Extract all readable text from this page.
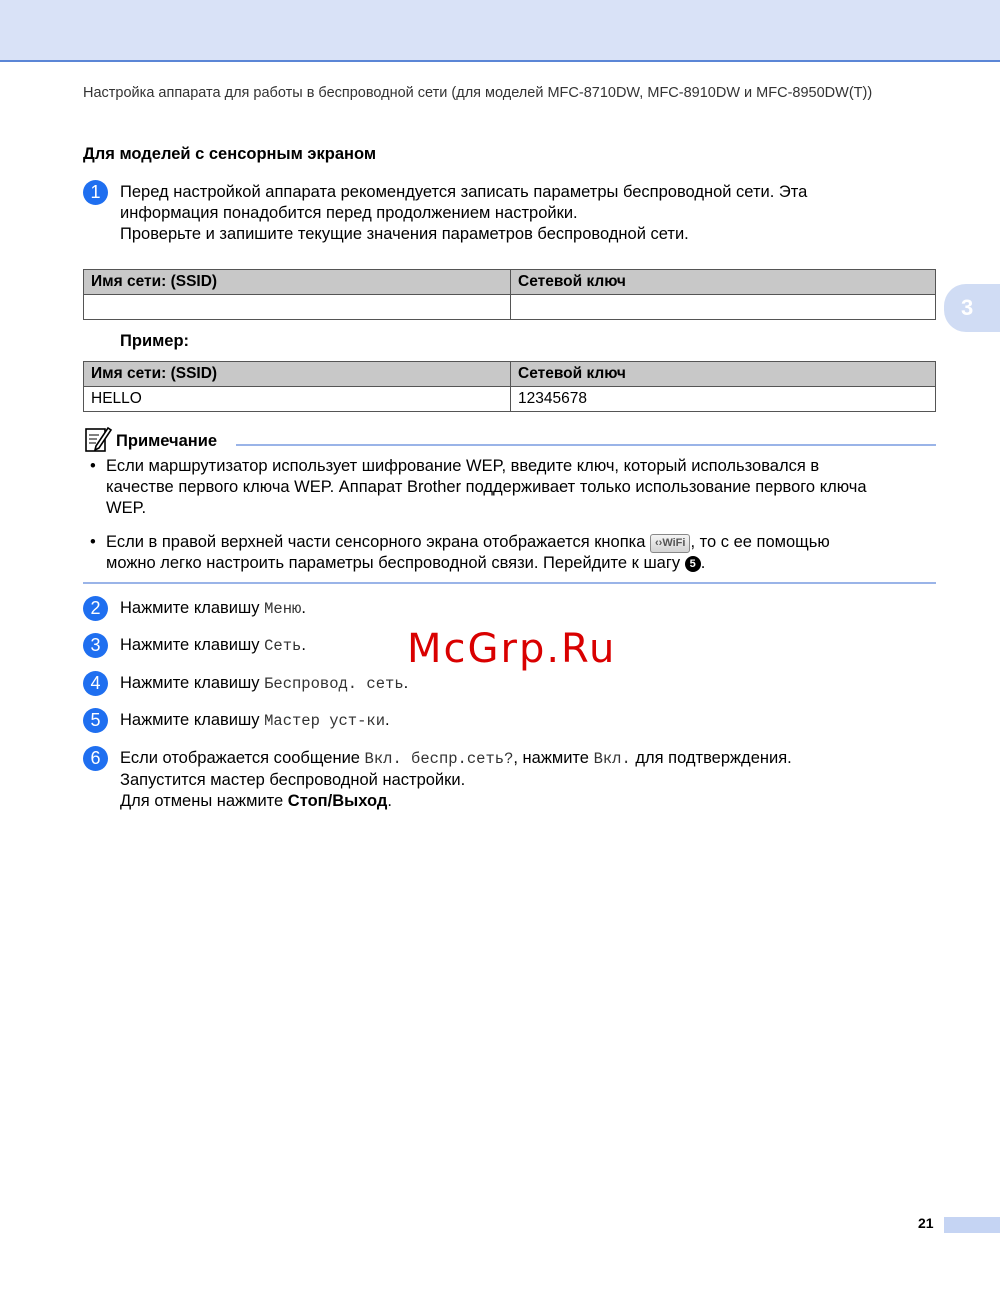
Настройка аппарата для работы в беспроводной сети (для моделей MFC-8710DW, MFC-8910DW и MFC-8950DW(T))
3
Для моделей с сенсорным экраном
1	Перед настройкой аппарата рекомендуется записать параметры беспроводной сети. Эта
информация понадобится перед продолжением настройки.
Проверьте и запишите текущие значения параметров беспроводной сети.
Имя сети: (SSID)	Сетевой ключ

Пример:
Имя сети: (SSID)	Сетевой ключ
HELLO	12345678
Примечание
• Если маршрутизатор использует шифрование WEP, введите ключ, который использовался в
качестве первого ключа WEP. Аппарат Brother поддерживает только использование первого ключа
WEP.
• Если в правой верхней части сенсорного экрана отображается кнопка ‹›WiFi , то с ее помощью
можно легко настроить параметры беспроводной связи. Перейдите к шагу 5 .
2	Нажмите клавишу Меню.
3	Нажмите клавишу Сеть.
4	Нажмите клавишу Беспровод. сеть.
5	Нажмите клавишу Мастер уст-ки.
6	Если отображается сообщение Вкл. беспр.сеть?, нажмите Вкл. для подтверждения.
Запустится мастер беспроводной настройки.
Для отмены нажмите Стоп/Выход.
McGrp.Ru
21
